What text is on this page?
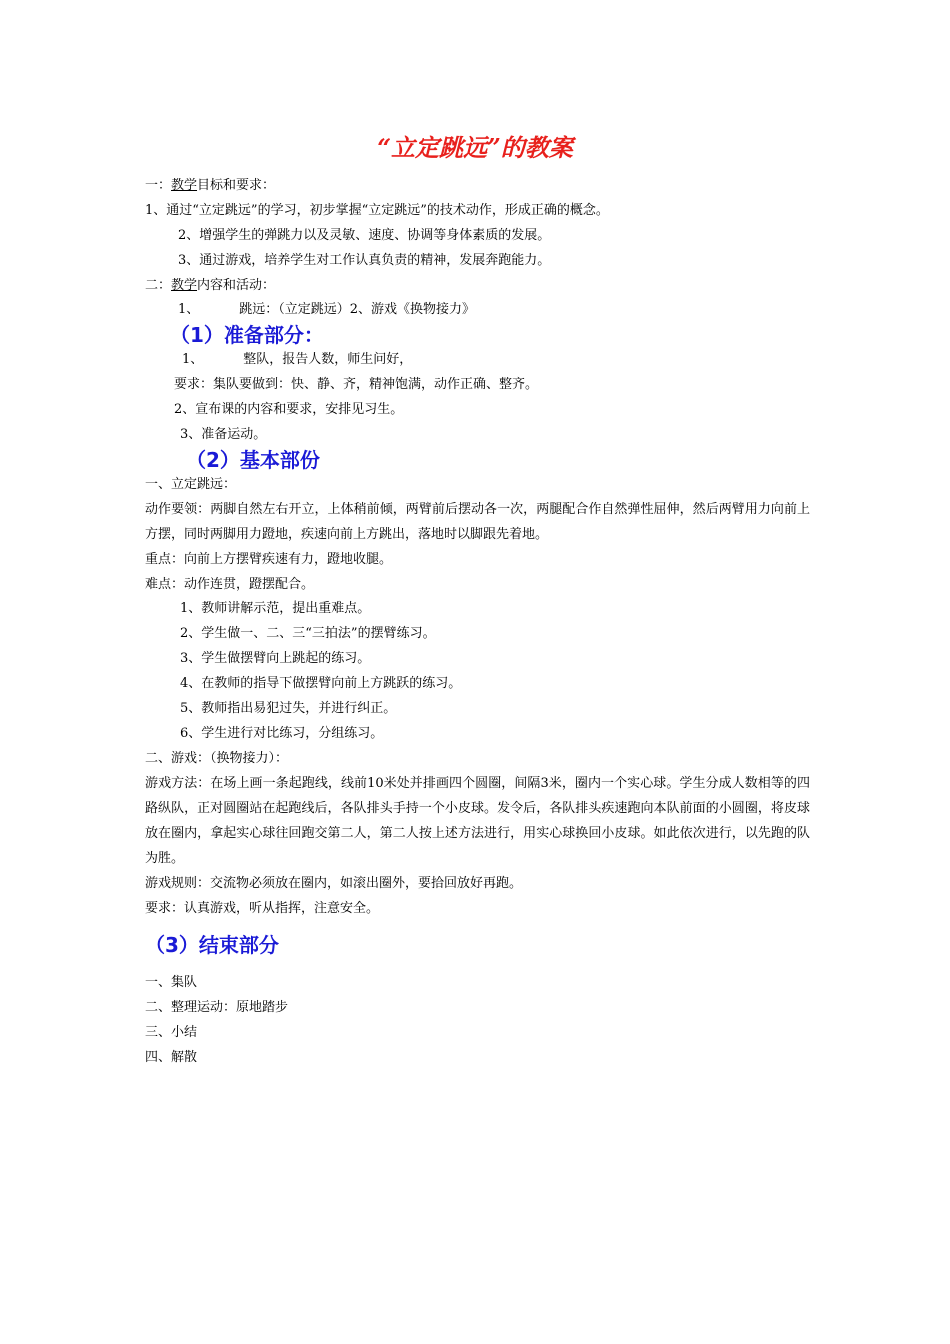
“立定跳远”的教案
一：教学目标和要求：
1、通过“立定跳远”的学习，初步掌握“立定跳远”的技术动作，形成正确的概念。
2、增强学生的弹跳力以及灵敏、速度、协调等身体素质的发展。
3、通过游戏，培养学生对工作认真负责的精神，发展奔跑能力。
二：教学内容和活动：
1、	跳远：（立定跳远）2、游戏《换物接力》
（1）准备部分：
1、	整队，报告人数，师生问好，
要求：集队要做到：快、静、齐，精神饱满，动作正确、整齐。
2、宣布课的内容和要求，安排见习生。
3、准备运动。
（2）基本部份
一、立定跳远：
动作要领：两脚自然左右开立，上体稍前倾，两臂前后摆动各一次，两腿配合作自然弹性屈伸，然后两臂用力向前上方摆，同时两脚用力蹬地，疾速向前上方跳出，落地时以脚跟先着地。
重点：向前上方摆臂疾速有力，蹬地收腿。
难点：动作连贯，蹬摆配合。
1、教师讲解示范，提出重难点。
2、学生做一、二、三“三拍法”的摆臂练习。
3、学生做摆臂向上跳起的练习。
4、在教师的指导下做摆臂向前上方跳跃的练习。
5、教师指出易犯过失，并进行纠正。
6、学生进行对比练习，分组练习。
二、游戏：（换物接力）：
游戏方法：在场上画一条起跑线，线前10米处并排画四个圆圈，间隔3米，圈内一个实心球。学生分成人数相等的四路纵队，正对圆圈站在起跑线后，各队排头手持一个小皮球。发令后，各队排头疾速跑向本队前面的小圆圈，将皮球放在圈内，拿起实心球往回跑交第二人，第二人按上述方法进行，用实心球换回小皮球。如此依次进行，以先跑的队为胜。
游戏规则：交流物必须放在圈内，如滚出圈外，要拾回放好再跑。
要求：认真游戏，听从指挥，注意安全。
（3）结束部分
一、集队
二、整理运动：原地踏步
三、小结
四、解散
